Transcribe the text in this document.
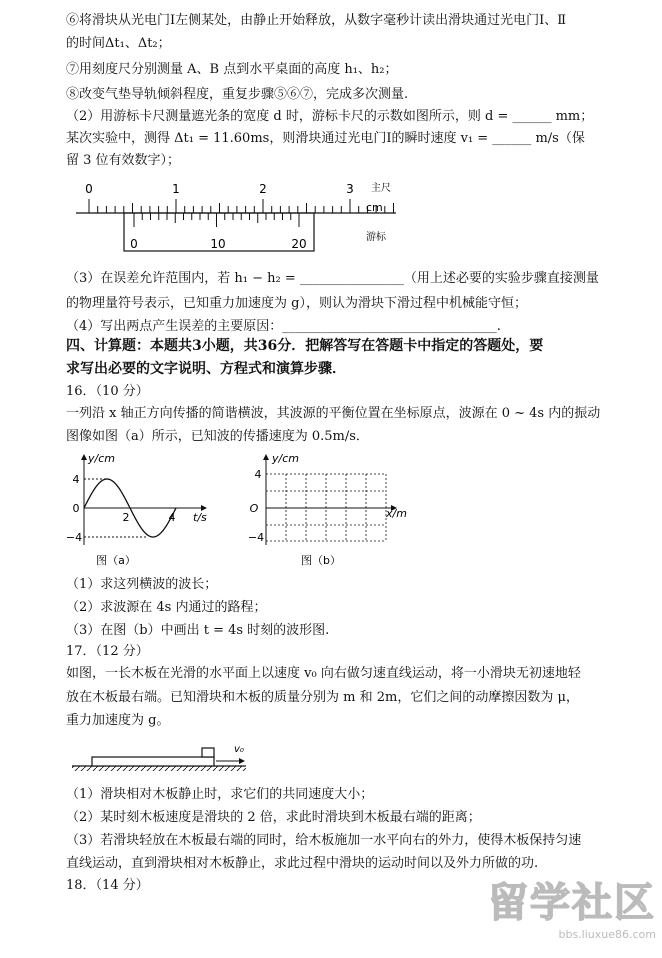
⑥将滑块从光电门Ⅰ左侧某处，由静止开始释放，从数字毫秒计读出滑块通过光电门Ⅰ、Ⅱ
的时间Δt₁、Δt₂；
⑦用刻度尺分别测量 A、B 点到水平桌面的高度 h₁、h₂；
⑧改变气垫导轨倾斜程度，重复步骤⑤⑥⑦，完成多次测量.
（2）用游标卡尺测量遮光条的宽度 d 时，游标卡尺的示数如图所示，则 d = ______ mm；
某次实验中，测得 Δt₁ = 11.60ms，则滑块通过光电门Ⅰ的瞬时速度 v₁ = ______ m/s（保
留 3 位有效数字）；
主尺
cm
游标
0	1	2	3
0	10	20
（3）在误差允许范围内，若 h₁ − h₂ = ________________（用上述必要的实验步骤直接测量
的物理量符号表示，已知重力加速度为 g），则认为滑块下滑过程中机械能守恒；
（4）写出两点产生误差的主要原因：_________________________________.
四、计算题：本题共3小题，共36分．把解答写在答题卡中指定的答题处，要
求写出必要的文字说明、方程式和演算步骤．
16．（10 分）
一列沿 x 轴正方向传播的简谐横波，其波源的平衡位置在坐标原点，波源在 0 ~ 4s 内的振动
图像如图（a）所示，已知波的传播速度为 0.5m/s．
y/cm
t/s
4
0
−4
2	4
图（a）
y/cm
x/m
O
4
−4
图（b）
（1）求这列横波的波长；
（2）求波源在 4s 内通过的路程；
（3）在图（b）中画出 t = 4s 时刻的波形图.
17．（12 分）
如图，一长木板在光滑的水平面上以速度 v₀ 向右做匀速直线运动，将一小滑块无初速地轻
放在木板最右端。已知滑块和木板的质量分别为 m 和 2m，它们之间的动摩擦因数为 μ，
重力加速度为 g。
v₀
（1）滑块相对木板静止时，求它们的共同速度大小；
（2）某时刻木板速度是滑块的 2 倍，求此时滑块到木板最右端的距离；
（3）若滑块轻放在木板最右端的同时，给木板施加一水平向右的外力，使得木板保持匀速
直线运动，直到滑块相对木板静止，求此过程中滑块的运动时间以及外力所做的功.
18．（14 分）	留学社区
bbs.liuxue86.com
